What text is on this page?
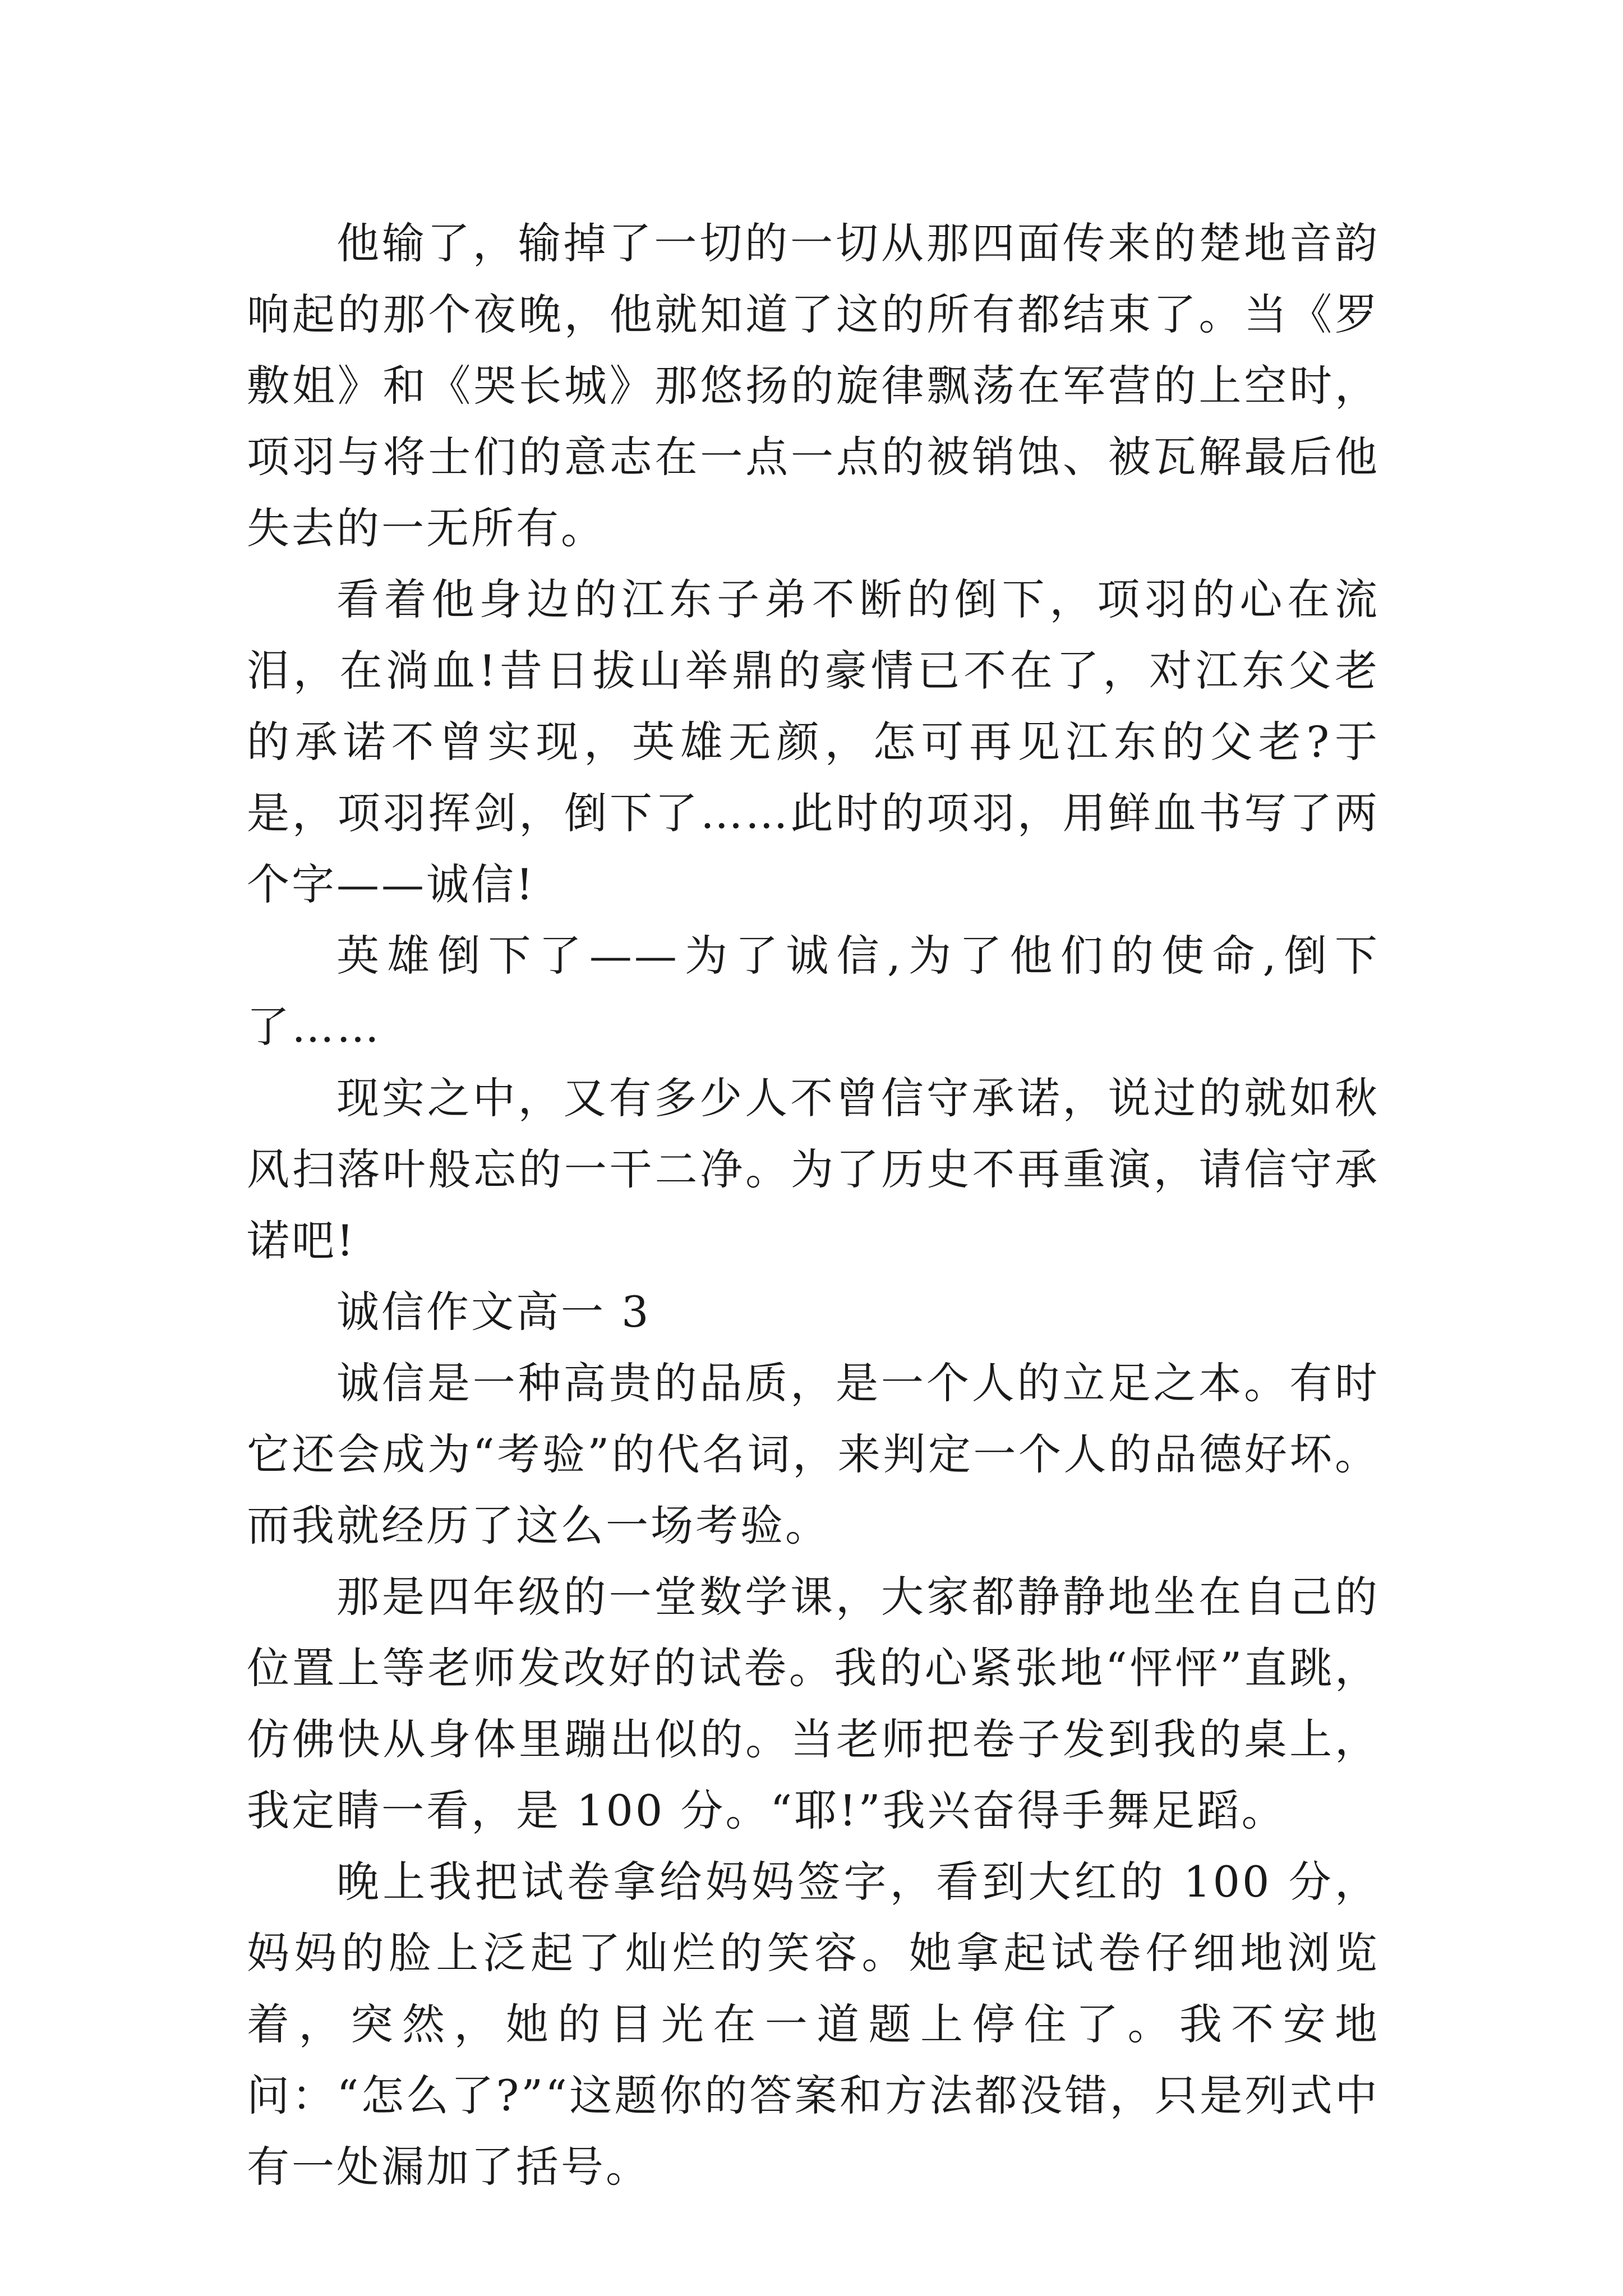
他输了，输掉了一切的一切从那四面传来的楚地音韵响起的那个夜晚，他就知道了这的所有都结束了。当《罗敷姐》和《哭长城》那悠扬的旋律飘荡在军营的上空时，项羽与将士们的意志在一点一点的被销蚀、被瓦解最后他失去的一无所有。

看着他身边的江东子弟不断的倒下，项羽的心在流泪，在淌血!昔日拔山举鼎的豪情已不在了，对江东父老的承诺不曾实现，英雄无颜，怎可再见江东的父老?于是，项羽挥剑，倒下了……此时的项羽，用鲜血书写了两个字——诚信!

英雄倒下了——为了诚信,为了他们的使命,倒下了……

现实之中，又有多少人不曾信守承诺，说过的就如秋风扫落叶般忘的一干二净。为了历史不再重演，请信守承诺吧!

诚信作文高一 3

诚信是一种高贵的品质，是一个人的立足之本。有时它还会成为“考验”的代名词，来判定一个人的品德好坏。而我就经历了这么一场考验。

那是四年级的一堂数学课，大家都静静地坐在自己的位置上等老师发改好的试卷。我的心紧张地“怦怦”直跳，仿佛快从身体里蹦出似的。当老师把卷子发到我的桌上，我定睛一看，是 100 分。“耶!”我兴奋得手舞足蹈。

晚上我把试卷拿给妈妈签字，看到大红的 100 分，妈妈的脸上泛起了灿烂的笑容。她拿起试卷仔细地浏览着，突然，她的目光在一道题上停住了。我不安地问：“怎么了?”“这题你的答案和方法都没错，只是列式中有一处漏加了括号。
